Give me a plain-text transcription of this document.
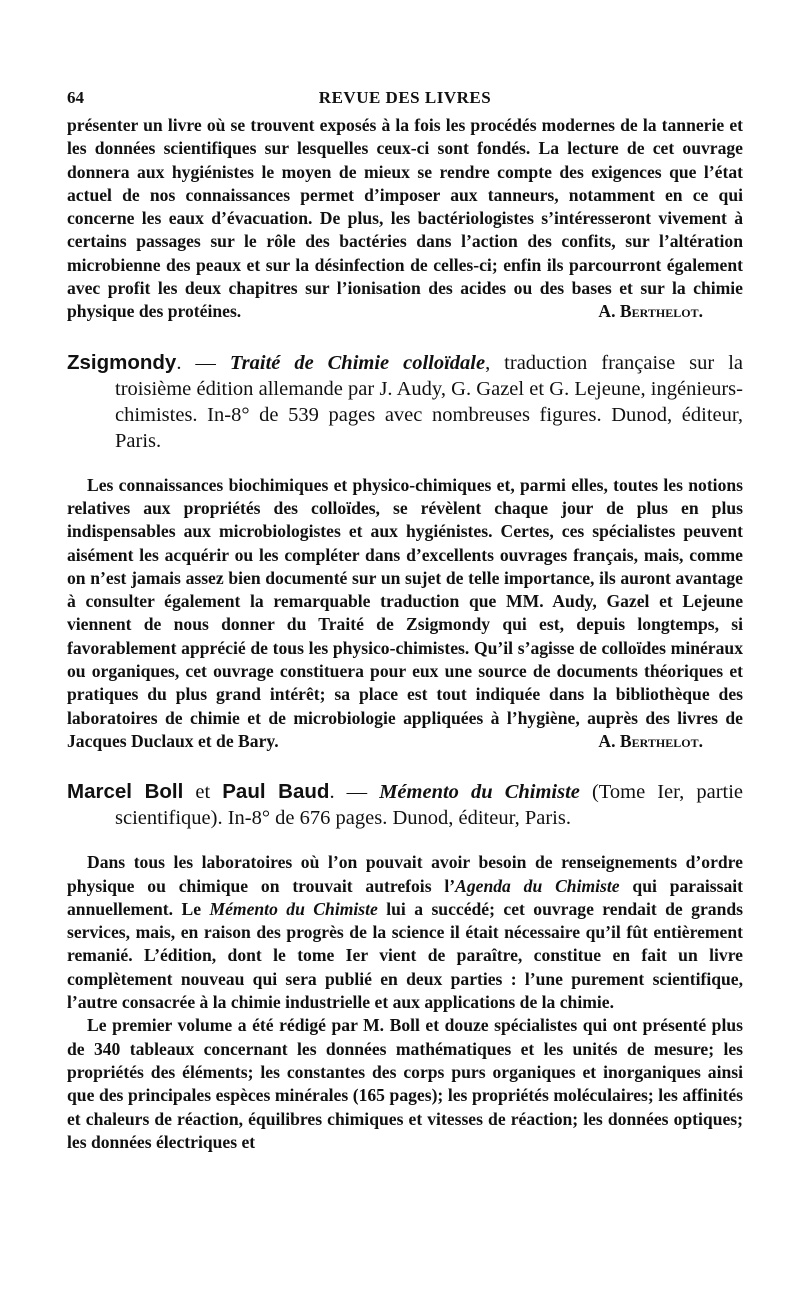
64	REVUE DES LIVRES

présenter un livre où se trouvent exposés à la fois les procédés modernes de la tannerie et les données scientifiques sur lesquelles ceux-ci sont fondés. La lecture de cet ouvrage donnera aux hygiénistes le moyen de mieux se rendre compte des exigences que l’état actuel de nos connaissances permet d’imposer aux tanneurs, notamment en ce qui concerne les eaux d’évacuation. De plus, les bactériologistes s’intéresseront vivement à certains passages sur le rôle des bactéries dans l’action des confits, sur l’altération microbienne des peaux et sur la désinfection de celles-ci; enfin ils parcourront également avec profit les deux chapitres sur l’ionisation des acides ou des bases et sur la chimie physique des protéines.	A. Berthelot.

Zsigmondy. — Traité de Chimie colloïdale, traduction française sur la troisième édition allemande par J. Audy, G. Gazel et G. Lejeune, ingénieurs-chimistes. In-8° de 539 pages avec nombreuses figures. Dunod, éditeur, Paris.

Les connaissances biochimiques et physico-chimiques et, parmi elles, toutes les notions relatives aux propriétés des colloïdes, se révèlent chaque jour de plus en plus indispensables aux microbiologistes et aux hygiénistes. Certes, ces spécialistes peuvent aisément les acquérir ou les compléter dans d’excellents ouvrages français, mais, comme on n’est jamais assez bien documenté sur un sujet de telle importance, ils auront avantage à consulter également la remarquable traduction que MM. Audy, Gazel et Lejeune viennent de nous donner du Traité de Zsigmondy qui est, depuis longtemps, si favorablement apprécié de tous les physico-chimistes. Qu’il s’agisse de colloïdes minéraux ou organiques, cet ouvrage constituera pour eux une source de documents théoriques et pratiques du plus grand intérêt; sa place est tout indiquée dans la bibliothèque des laboratoires de chimie et de microbiologie appliquées à l’hygiène, auprès des livres de Jacques Duclaux et de Bary.	A. Berthelot.

Marcel Boll et Paul Baud. — Mémento du Chimiste (Tome Ier, partie scientifique). In-8° de 676 pages. Dunod, éditeur, Paris.

Dans tous les laboratoires où l’on pouvait avoir besoin de renseignements d’ordre physique ou chimique on trouvait autrefois l’Agenda du Chimiste qui paraissait annuellement. Le Mémento du Chimiste lui a succédé; cet ouvrage rendait de grands services, mais, en raison des progrès de la science il était nécessaire qu’il fût entièrement remanié. L’édition, dont le tome Ier vient de paraître, constitue en fait un livre complètement nouveau qui sera publié en deux parties : l’une purement scientifique, l’autre consacrée à la chimie industrielle et aux applications de la chimie.

Le premier volume a été rédigé par M. Boll et douze spécialistes qui ont présenté plus de 340 tableaux concernant les données mathématiques et les unités de mesure; les propriétés des éléments; les constantes des corps purs organiques et inorganiques ainsi que des principales espèces minérales (165 pages); les propriétés moléculaires; les affinités et chaleurs de réaction, équilibres chimiques et vitesses de réaction; les données optiques; les données électriques et
